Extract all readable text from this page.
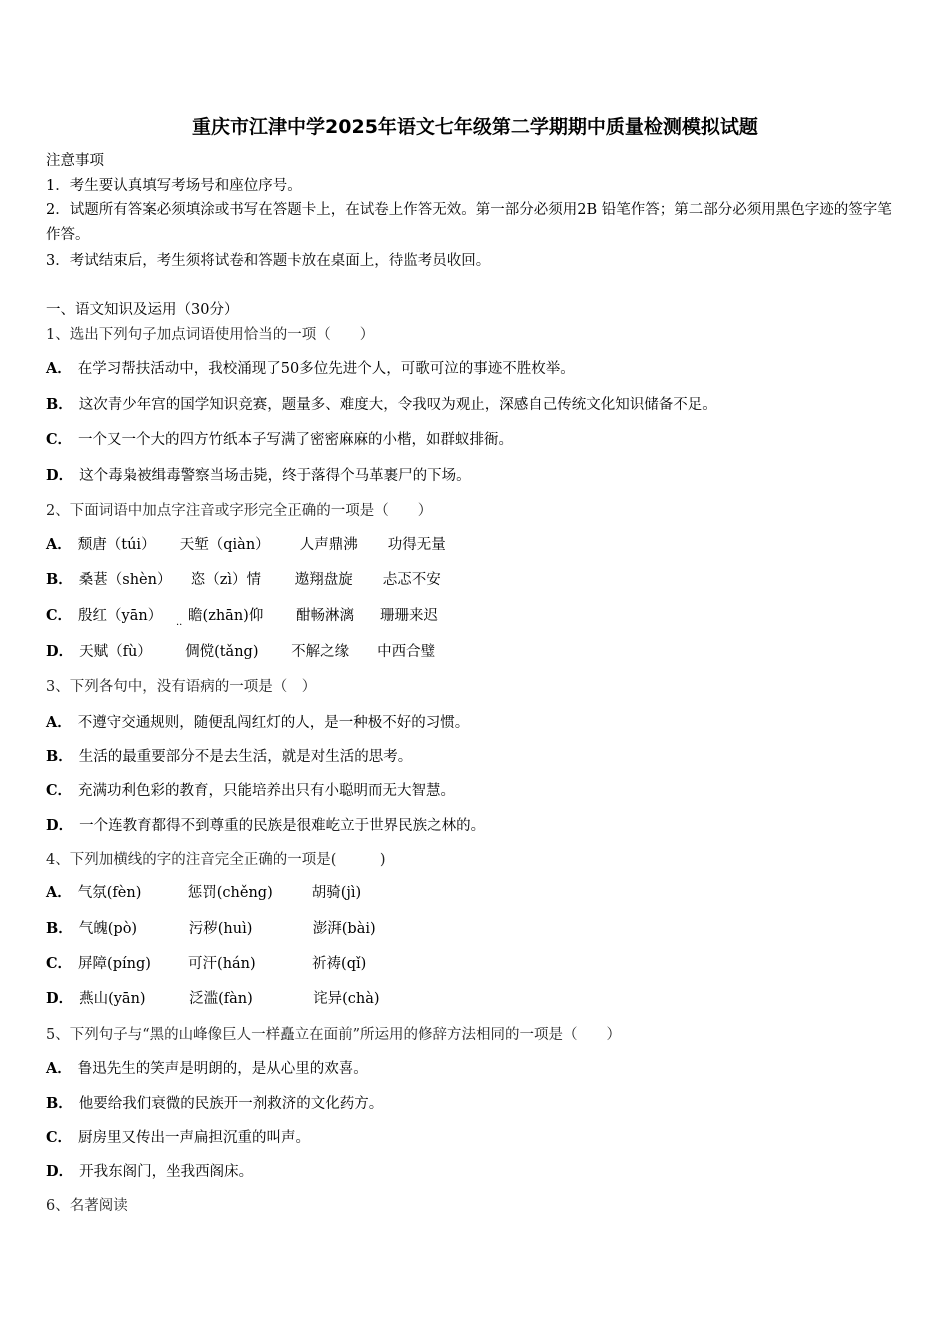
重庆市江津中学2025年语文七年级第二学期期中质量检测模拟试题
注意事项
1．考生要认真填写考场号和座位序号。
2．试题所有答案必须填涂或书写在答题卡上，在试卷上作答无效。第一部分必须用2B 铅笔作答；第二部分必须用黑色字迹的签字笔作答。
3．考试结束后，考生须将试卷和答题卡放在桌面上，待监考员收回。
一、语文知识及运用（30分）
1、选出下列句子加点词语使用恰当的一项（　　）
A． 在学习帮扶活动中，我校涌现了50多位先进个人，可歌可泣的事迹不胜枚举。
B． 这次青少年宫的国学知识竞赛，题量多、难度大，令我叹为观止，深感自己传统文化知识储备不足。
C． 一个又一个大的四方竹纸本子写满了密密麻麻的小楷，如群蚁排衙。
D． 这个毒枭被缉毒警察当场击毙，终于落得个马革裹尸的下场。
2、下面词语中加点字注音或字形完全正确的一项是（　　）
A． 颓唐（túi） 天堑（qiàn） 人声鼎沸 功得无量
B． 桑葚（shèn） 恣（zì）情 遨翔盘旋 忐忑不安
C． 殷红（yān） 瞻(zhān)仰 酣畅淋漓 珊珊来迟
··
D． 天赋（fù） 倜傥(tǎng) 不解之缘 中西合璧
3、下列各句中，没有语病的一项是（　）
A． 不遵守交通规则，随便乱闯红灯的人，是一种极不好的习惯。
B． 生活的最重要部分不是去生活，就是对生活的思考。
C． 充满功利色彩的教育，只能培养出只有小聪明而无大智慧。
D． 一个连教育都得不到尊重的民族是很难屹立于世界民族之林的。
4、下列加横线的字的注音完全正确的一项是(　　　)
A． 气氛(fèn)	惩罚(chěng)	胡骑(jì)
B． 气魄(pò)	污秽(huì)	澎湃(bài)
C． 屏障(píng)	可汗(hán)	祈祷(qǐ)
D． 燕山(yān)	泛滥(fàn)	诧异(chà)
5、下列句子与“黑的山峰像巨人一样矗立在面前”所运用的修辞方法相同的一项是（　　）
A． 鲁迅先生的笑声是明朗的，是从心里的欢喜。
B． 他要给我们衰微的民族开一剂救济的文化药方。
C． 厨房里又传出一声扁担沉重的叫声。
D． 开我东阁门，坐我西阁床。
6、名著阅读
